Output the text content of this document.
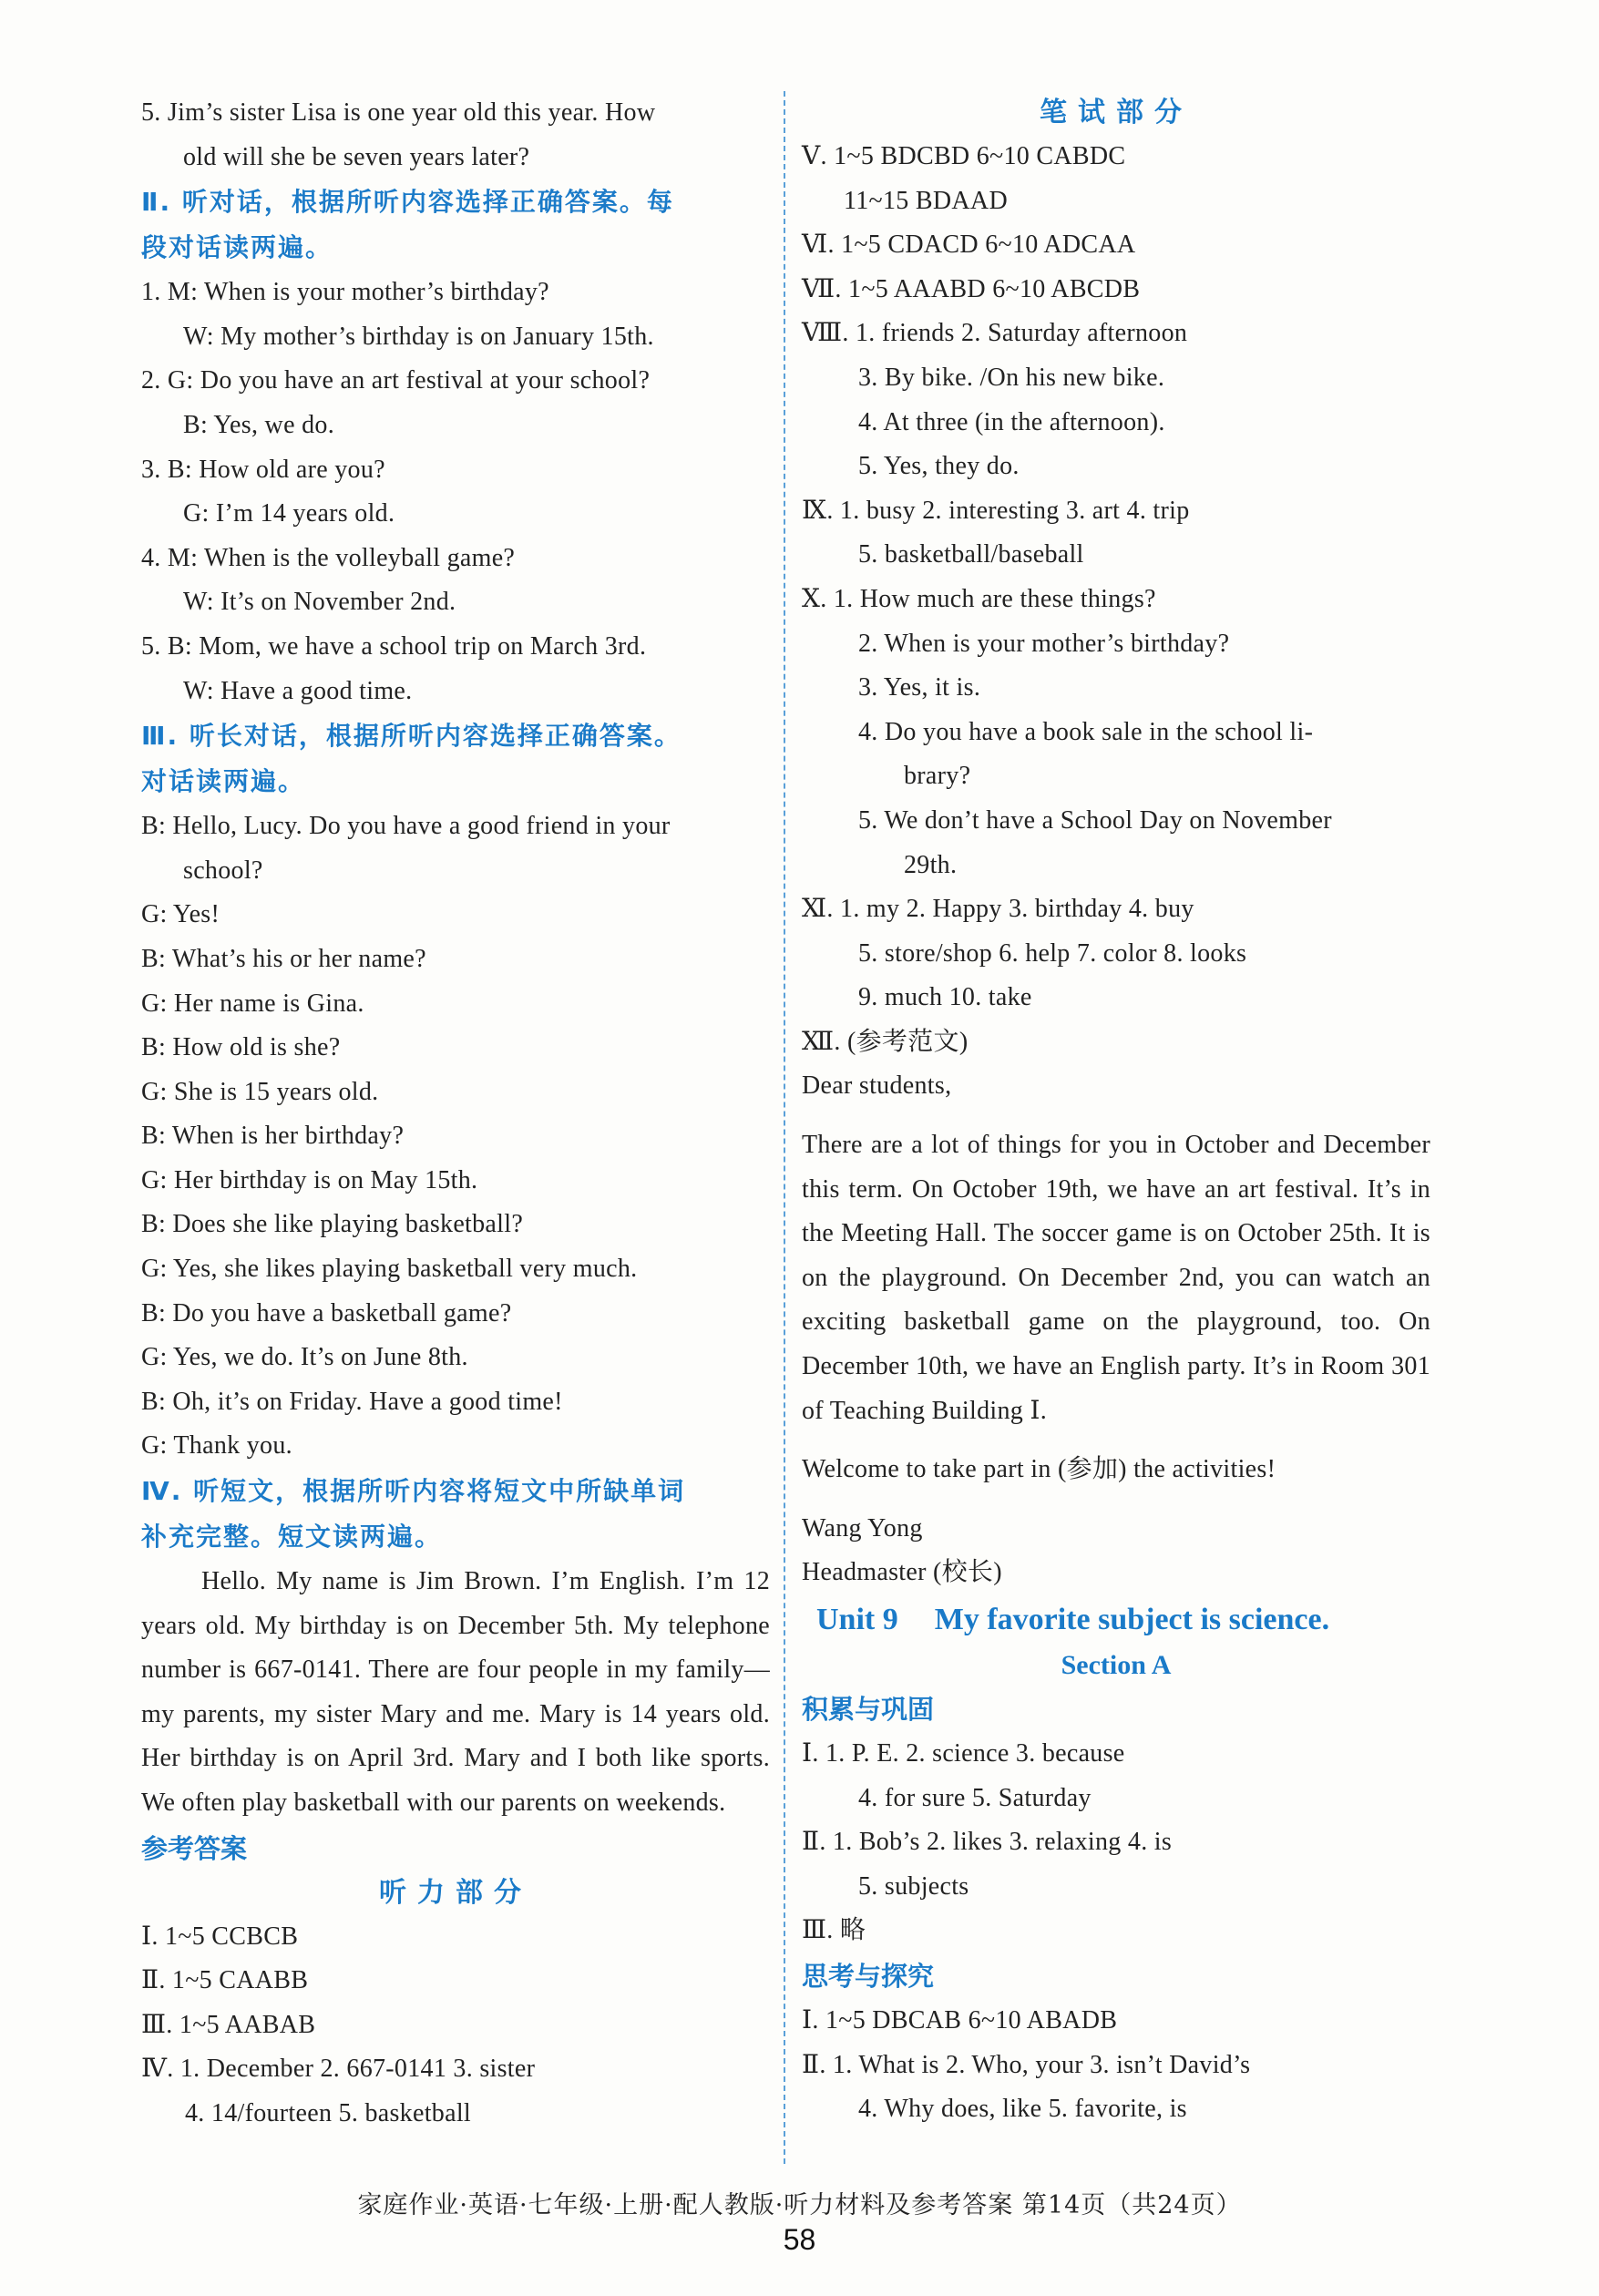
5. Jim’s sister Lisa is one year old this year. How
old will she be seven years later?
Ⅱ. 听对话，根据所听内容选择正确答案。每
段对话读两遍。
1. M: When is your mother’s birthday?
W: My mother’s birthday is on January 15th.
2. G: Do you have an art festival at your school?
B: Yes, we do.
3. B: How old are you?
G: I’m 14 years old.
4. M: When is the volleyball game?
W: It’s on November 2nd.
5. B: Mom, we have a school trip on March 3rd.
W: Have a good time.
Ⅲ. 听长对话，根据所听内容选择正确答案。
对话读两遍。
B: Hello, Lucy. Do you have a good friend in your
school?
G: Yes!
B: What’s his or her name?
G: Her name is Gina.
B: How old is she?
G: She is 15 years old.
B: When is her birthday?
G: Her birthday is on May 15th.
B: Does she like playing basketball?
G: Yes, she likes playing basketball very much.
B: Do you have a basketball game?
G: Yes, we do. It’s on June 8th.
B: Oh, it’s on Friday. Have a good time!
G: Thank you.
Ⅳ. 听短文，根据所听内容将短文中所缺单词
补充完整。短文读两遍。
Hello. My name is Jim Brown. I’m English. I’m 12 years old. My birthday is on December 5th. My telephone number is 667-0141. There are four people in my family—my parents, my sister Mary and me. Mary is 14 years old. Her birthday is on April 3rd. Mary and I both like sports. We often play basketball with our parents on weekends.
参考答案
听力部分
Ⅰ. 1~5 CCBCB
Ⅱ. 1~5 CAABB
Ⅲ. 1~5 AABAB
Ⅳ. 1. December 2. 667-0141 3. sister
4. 14/fourteen 5. basketball
笔试部分
Ⅴ. 1~5 BDCBD 6~10 CABDC
11~15 BDAAD
Ⅵ. 1~5 CDACD 6~10 ADCAA
Ⅶ. 1~5 AAABD 6~10 ABCDB
Ⅷ. 1. friends 2. Saturday afternoon
3. By bike. /On his new bike.
4. At three (in the afternoon).
5. Yes, they do.
Ⅸ. 1. busy 2. interesting 3. art 4. trip
5. basketball/baseball
Ⅹ. 1. How much are these things?
2. When is your mother’s birthday?
3. Yes, it is.
4. Do you have a book sale in the school li-
brary?
5. We don’t have a School Day on November
29th.
Ⅺ. 1. my 2. Happy 3. birthday 4. buy
5. store/shop 6. help 7. color 8. looks
9. much 10. take
Ⅻ. (参考范文)
Dear students,
There are a lot of things for you in October and December this term. On October 19th, we have an art festival. It’s in the Meeting Hall. The soccer game is on October 25th. It is on the playground. On December 2nd, you can watch an exciting basketball game on the playground, too. On December 10th, we have an English party. It’s in Room 301 of Teaching Building Ⅰ.
Welcome to take part in (参加) the activities!
Wang Yong
Headmaster (校长)
Unit 9 My favorite subject is science.
Section A
积累与巩固
Ⅰ. 1. P. E. 2. science 3. because
4. for sure 5. Saturday
Ⅱ. 1. Bob’s 2. likes 3. relaxing 4. is
5. subjects
Ⅲ. 略
思考与探究
Ⅰ. 1~5 DBCAB 6~10 ABADB
Ⅱ. 1. What is 2. Who, your 3. isn’t David’s
4. Why does, like 5. favorite, is
家庭作业·英语·七年级·上册·配人教版·听力材料及参考答案 第14页（共24页）
58
